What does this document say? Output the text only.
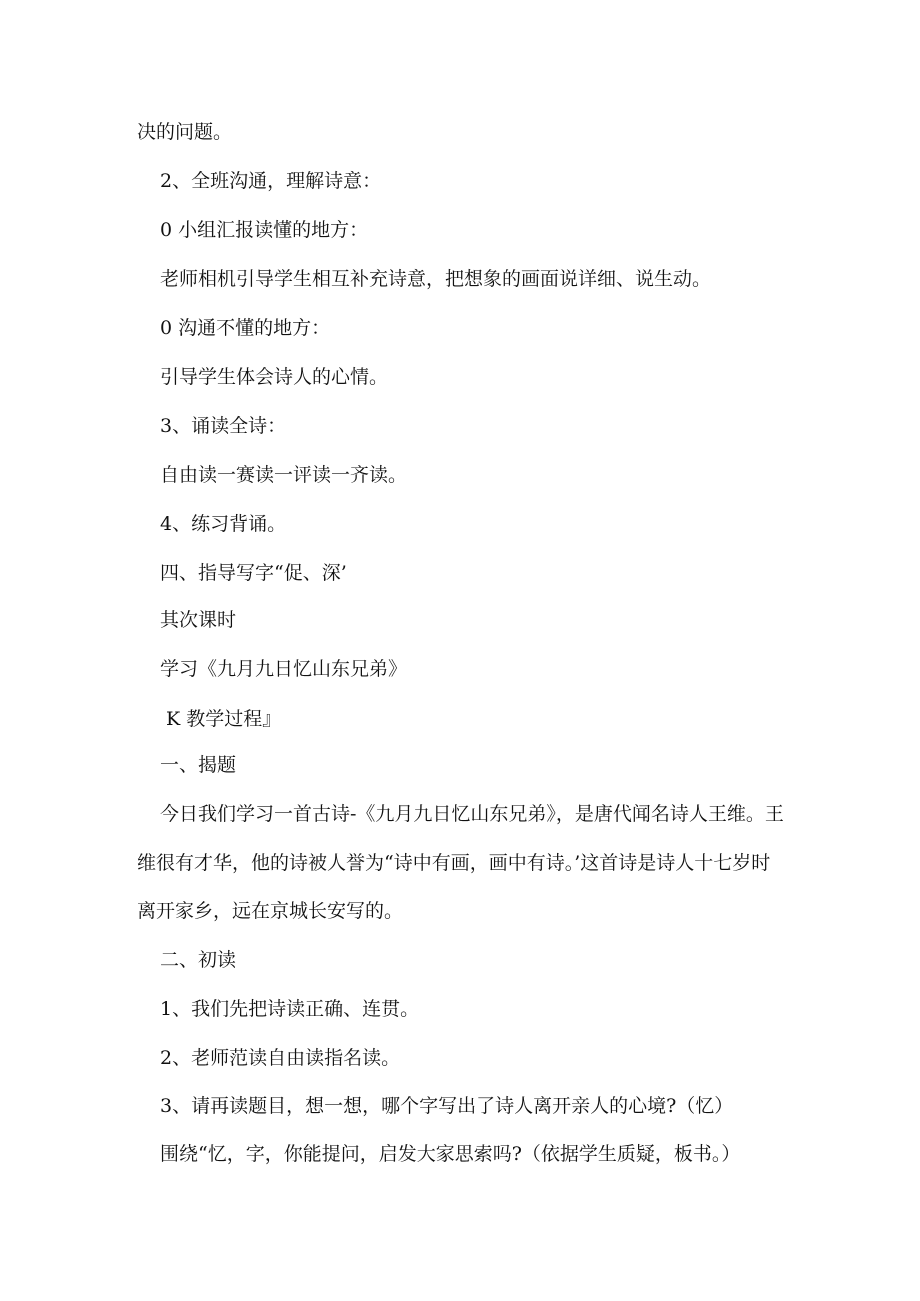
决的问题。
2、全班沟通，理解诗意：
0 小组汇报读懂的地方：
老师相机引导学生相互补充诗意，把想象的画面说详细、说生动。
0 沟通不懂的地方：
引导学生体会诗人的心情。
3、诵读全诗：
自由读一赛读一评读一齐读。
4、练习背诵。
四、指导写字“促、深’
其次课时
学习《九月九日忆山东兄弟》
K 教学过程』
一、揭题
今日我们学习一首古诗-《九月九日忆山东兄弟》，是唐代闻名诗人王维。王
维很有才华，他的诗被人誉为“诗中有画，画中有诗。’这首诗是诗人十七岁时
离开家乡，远在京城长安写的。
二、初读
1、我们先把诗读正确、连贯。
2、老师范读自由读指名读。
3、请再读题目，想一想，哪个字写出了诗人离开亲人的心境?（忆）
围绕“忆，字，你能提问，启发大家思索吗?（依据学生质疑，板书。）
